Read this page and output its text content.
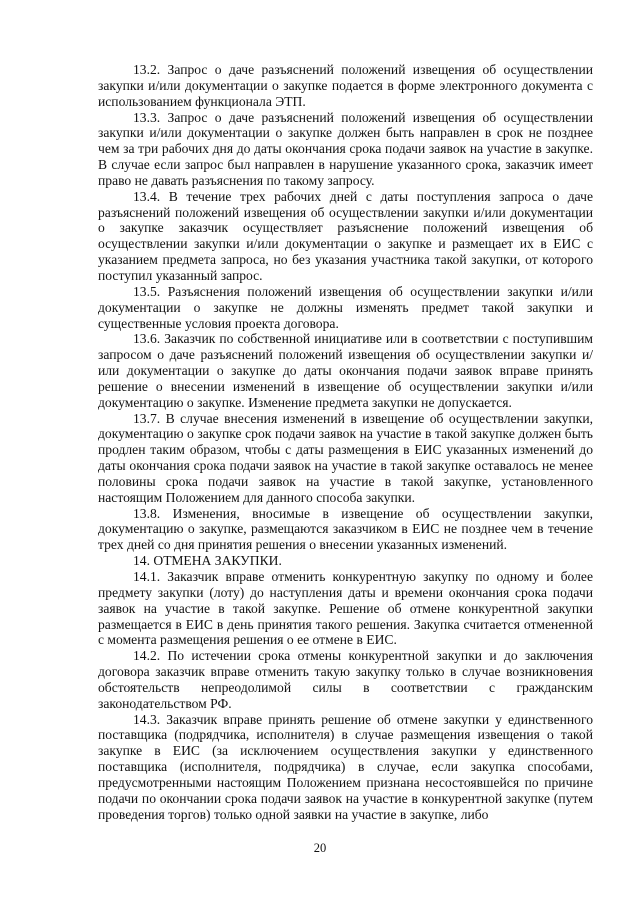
13.2. Запрос о даче разъяснений положений извещения об осуществлении закупки и/или документации о закупке подается в форме электронного документа с использованием функционала ЭТП.

13.3. Запрос о даче разъяснений положений извещения об осуществлении закупки и/или документации о закупке должен быть направлен в срок не позднее чем за три рабочих дня до даты окончания срока подачи заявок на участие в закупке. В случае если запрос был направлен в нарушение указанного срока, заказчик имеет право не давать разъяснения по такому запросу.

13.4. В течение трех рабочих дней с даты поступления запроса о даче разъяснений положений извещения об осуществлении закупки и/или документации о закупке заказчик осуществляет разъяснение положений извещения об осуществлении закупки и/или документации о закупке и размещает их в ЕИС с указанием предмета запроса, но без указания участника такой закупки, от которого поступил указанный запрос.

13.5. Разъяснения положений извещения об осуществлении закупки и/или документации о закупке не должны изменять предмет такой закупки и существенные условия проекта договора.

13.6. Заказчик по собственной инициативе или в соответствии с поступившим запросом о даче разъяснений положений извещения об осуществлении закупки и/или документации о закупке до даты окончания подачи заявок вправе принять решение о внесении изменений в извещение об осуществлении закупки и/или документацию о закупке. Изменение предмета закупки не допускается.

13.7. В случае внесения изменений в извещение об осуществлении закупки, документацию о закупке срок подачи заявок на участие в такой закупке должен быть продлен таким образом, чтобы с даты размещения в ЕИС указанных изменений до даты окончания срока подачи заявок на участие в такой закупке оставалось не менее половины срока подачи заявок на участие в такой закупке, установленного настоящим Положением для данного способа закупки.

13.8. Изменения, вносимые в извещение об осуществлении закупки, документацию о закупке, размещаются заказчиком в ЕИС не позднее чем в течение трех дней со дня принятия решения о внесении указанных изменений.

14. ОТМЕНА ЗАКУПКИ.

14.1. Заказчик вправе отменить конкурентную закупку по одному и более предмету закупки (лоту) до наступления даты и времени окончания срока подачи заявок на участие в такой закупке. Решение об отмене конкурентной закупки размещается в ЕИС в день принятия такого решения. Закупка считается отмененной с момента размещения решения о ее отмене в ЕИС.

14.2. По истечении срока отмены конкурентной закупки и до заключения договора заказчик вправе отменить такую закупку только в случае возникновения обстоятельств непреодолимой силы в соответствии с гражданским законодательством РФ.

14.3. Заказчик вправе принять решение об отмене закупки у единственного поставщика (подрядчика, исполнителя) в случае размещения извещения о такой закупке в ЕИС (за исключением осуществления закупки у единственного поставщика (исполнителя, подрядчика) в случае, если закупка способами, предусмотренными настоящим Положением признана несостоявшейся по причине подачи по окончании срока подачи заявок на участие в конкурентной закупке (путем проведения торгов) только одной заявки на участие в закупке, либо

20
